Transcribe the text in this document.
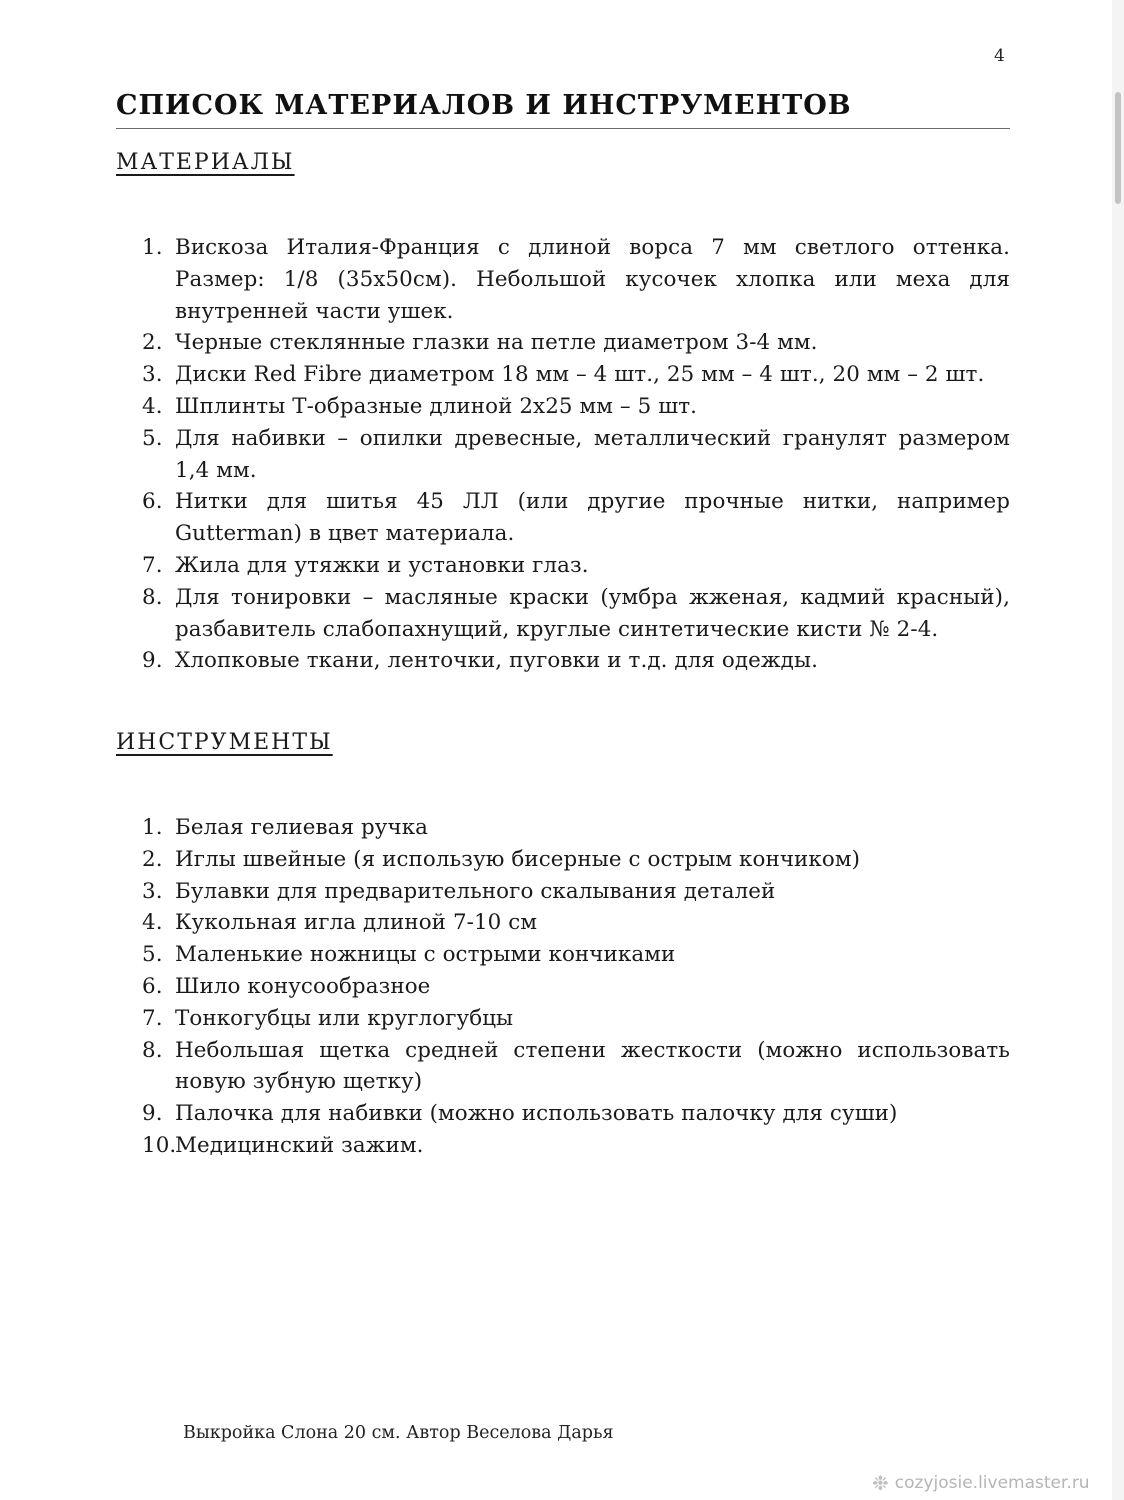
4
СПИСОК МАТЕРИАЛОВ И ИНСТРУМЕНТОВ
МАТЕРИАЛЫ
1. Вискоза Италия-Франция с длиной ворса 7 мм светлого оттенка. Размер: 1/8 (35х50см). Небольшой кусочек хлопка или меха для внутренней части ушек.
2. Черные стеклянные глазки на петле диаметром 3-4 мм.
3. Диски Red Fibre диаметром 18 мм – 4 шт., 25 мм – 4 шт., 20 мм – 2 шт.
4. Шплинты Т-образные длиной 2х25 мм – 5 шт.
5. Для набивки – опилки древесные, металлический гранулят размером 1,4 мм.
6. Нитки для шитья 45 ЛЛ (или другие прочные нитки, например Gutterman) в цвет материала.
7. Жила для утяжки и установки глаз.
8. Для тонировки – масляные краски (умбра жженая, кадмий красный), разбавитель слабопахнущий, круглые синтетические кисти № 2-4.
9. Хлопковые ткани, ленточки, пуговки и т.д. для одежды.
ИНСТРУМЕНТЫ
1. Белая гелиевая ручка
2. Иглы швейные (я использую бисерные с острым кончиком)
3. Булавки для предварительного скалывания деталей
4. Кукольная игла длиной 7-10 см
5. Маленькие ножницы с острыми кончиками
6. Шило конусообразное
7. Тонкогубцы или круглогубцы
8. Небольшая щетка средней степени жесткости (можно использовать новую зубную щетку)
9. Палочка для набивки (можно использовать палочку для суши)
10.
Медицинский зажим.
Выкройка Слона 20 см. Автор Веселова Дарья
❉ cozyjosie.livemaster.ru
